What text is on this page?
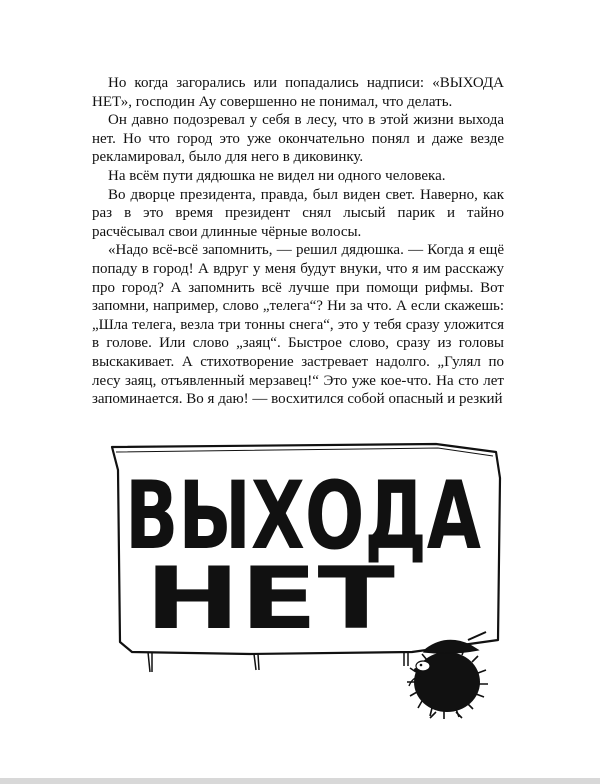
Но когда загорались или попадались надписи: «ВЫХОДА НЕТ», господин Ау совершенно не понимал, что делать.

Он давно подозревал у себя в лесу, что в этой жизни выхода нет. Но что город это уже окончательно понял и даже везде рекламировал, было для него в диковинку.

На всём пути дядюшка не видел ни одного человека.

Во дворце президента, правда, был виден свет. Наверно, как раз в это время президент снял лысый парик и тайно расчёсывал свои длинные чёрные волосы.

«Надо всё-всё запомнить, — решил дядюшка. — Когда я ещё попаду в город! А вдруг у меня будут внуки, что я им расскажу про город? А запомнить всё лучше при помощи рифмы. Вот запомни, например, слово „телега“? Ни за что. А если скажешь: „Шла телега, везла три тонны снега“, это у тебя сразу уложится в голове. Или слово „заяц“. Быстрое слово, сразу из головы выскакивает. А стихотворение застревает надолго. „Гулял по лесу заяц, отъявленный мерзавец!“ Это уже кое-что. На сто лет запоминается. Во я даю! — восхитился собой опасный и резкий

ВЫХОДА
НЕТ
